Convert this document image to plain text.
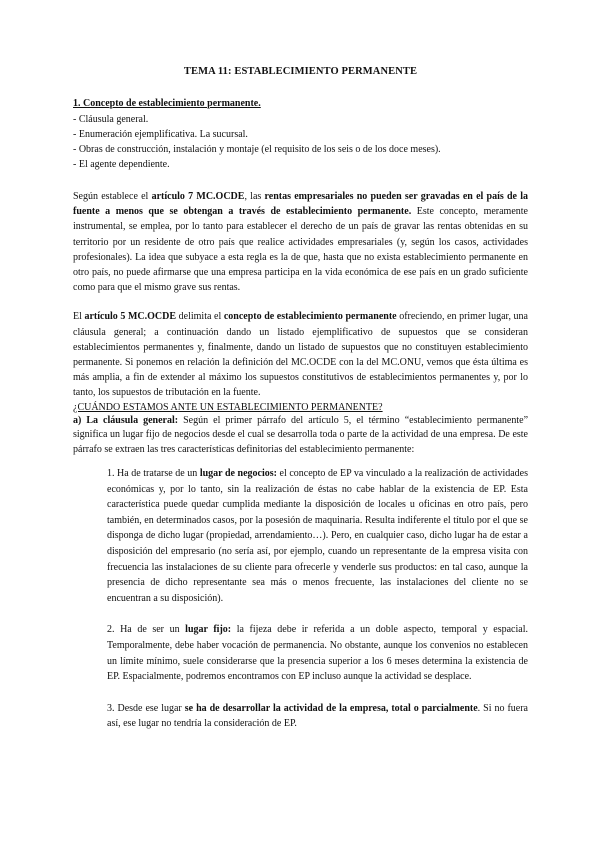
TEMA 11: ESTABLECIMIENTO PERMANENTE
1. Concepto de establecimiento permanente.
- Cláusula general.
- Enumeración ejemplificativa. La sucursal.
- Obras de construcción, instalación y montaje (el requisito de los seis o de los doce meses).
- El agente dependiente.

Según establece el artículo 7 MC.OCDE, las rentas empresariales no pueden ser gravadas en el país de la fuente a menos que se obtengan a través de establecimiento permanente. Este concepto, meramente instrumental, se emplea, por lo tanto para establecer el derecho de un país de gravar las rentas obtenidas en su territorio por un residente de otro país que realice actividades empresariales (y, según los casos, actividades profesionales). La idea que subyace a esta regla es la de que, hasta que no exista establecimiento permanente en otro país, no puede afirmarse que una empresa participa en la vida económica de ese país en un grado suficiente como para que el mismo grave sus rentas.

El artículo 5 MC.OCDE delimita el concepto de establecimiento permanente ofreciendo, en primer lugar, una cláusula general; a continuación dando un listado ejemplificativo de supuestos que se consideran establecimientos permanentes y, finalmente, dando un listado de supuestos que no constituyen establecimiento permanente. Si ponemos en relación la definición del MC.OCDE con la del MC.ONU, vemos que ésta última es más amplia, a fin de extender al máximo los supuestos constitutivos de establecimientos permanentes y, por lo tanto, los supuestos de tributación en la fuente.

¿CUÁNDO ESTAMOS ANTE UN ESTABLECIMIENTO PERMANENTE?

a) La cláusula general: Según el primer párrafo del artículo 5, el término “establecimiento permanente” significa un lugar fijo de negocios desde el cual se desarrolla toda o parte de la actividad de una empresa. De este párrafo se extraen las tres características definitorias del establecimiento permanente:

1. Ha de tratarse de un lugar de negocios: el concepto de EP va vinculado a la realización de actividades económicas y, por lo tanto, sin la realización de éstas no cabe hablar de la existencia de EP. Esta característica puede quedar cumplida mediante la disposición de locales u oficinas en otro país, pero también, en determinados casos, por la posesión de maquinaria. Resulta indiferente el título por el que se disponga de dicho lugar (propiedad, arrendamiento…). Pero, en cualquier caso, dicho lugar ha de estar a disposición del empresario (no sería así, por ejemplo, cuando un representante de la empresa visita con frecuencia las instalaciones de su cliente para ofrecerle y venderle sus productos: en tal caso, aunque la presencia de dicho representante sea más o menos frecuente, las instalaciones del cliente no se encuentran a su disposición).

2. Ha de ser un lugar fijo: la fijeza debe ir referida a un doble aspecto, temporal y espacial. Temporalmente, debe haber vocación de permanencia. No obstante, aunque los convenios no establecen un límite mínimo, suele considerarse que la presencia superior a los 6 meses determina la existencia de EP. Espacialmente, podremos encontramos con EP incluso aunque la actividad se desplace.

3. Desde ese lugar se ha de desarrollar la actividad de la empresa, total o parcialmente. Si no fuera así, ese lugar no tendría la consideración de EP.
